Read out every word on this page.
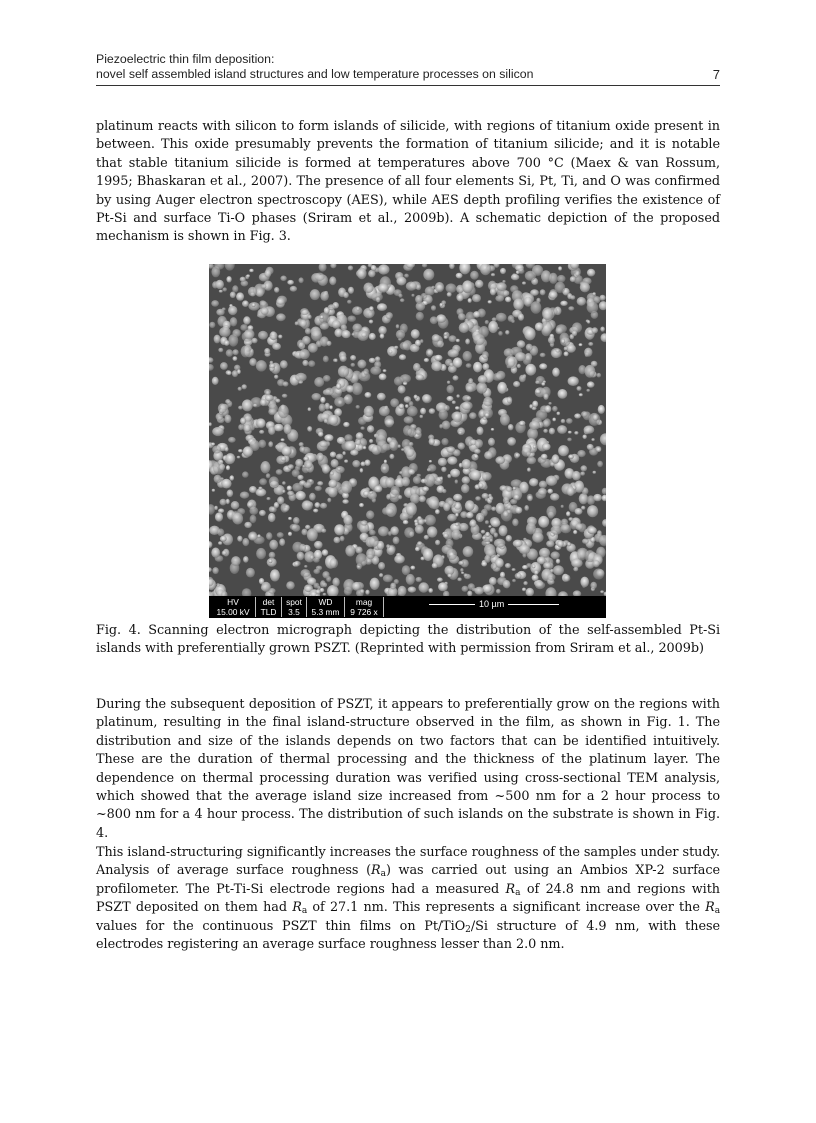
Piezoelectric thin film deposition:
novel self assembled island structures and low temperature processes on silicon	7
platinum reacts with silicon to form islands of silicide, with regions of titanium oxide present in between. This oxide presumably prevents the formation of titanium silicide; and it is notable that stable titanium silicide is formed at temperatures above 700 °C (Maex & van Rossum, 1995; Bhaskaran et al., 2007). The presence of all four elements Si, Pt, Ti, and O was confirmed by using Auger electron spectroscopy (AES), while AES depth profiling verifies the existence of Pt-Si and surface Ti-O phases (Sriram et al., 2009b). A schematic depiction of the proposed mechanism is shown in Fig. 3.
HV
15.00 kV
det
TLD
spot
3.5
WD
5.3 mm
mag
9 726 x
10 µm
Fig. 4. Scanning electron micrograph depicting the distribution of the self-assembled Pt-Si islands with preferentially grown PSZT. (Reprinted with permission from Sriram et al., 2009b)
During the subsequent deposition of PSZT, it appears to preferentially grow on the regions with platinum, resulting in the final island-structure observed in the film, as shown in Fig. 1. The distribution and size of the islands depends on two factors that can be identified intuitively. These are the duration of thermal processing and the thickness of the platinum layer. The dependence on thermal processing duration was verified using cross-sectional TEM analysis, which showed that the average island size increased from ~500 nm for a 2 hour process to ~800 nm for a 4 hour process. The distribution of such islands on the substrate is shown in Fig. 4.
This island-structuring significantly increases the surface roughness of the samples under study. Analysis of average surface roughness $(R_a)$ was carried out using an Ambios XP-2 surface profilometer. The Pt-Ti-Si electrode regions had a measured $R_a$ of 24.8 nm and regions with PSZT deposited on them had $R_a$ of 27.1 nm. This represents a significant increase over the $R_a$ values for the continuous PSZT thin films on Pt/TiO$_2$/Si structure of 4.9 nm, with these electrodes registering an average surface roughness lesser than 2.0 nm.
